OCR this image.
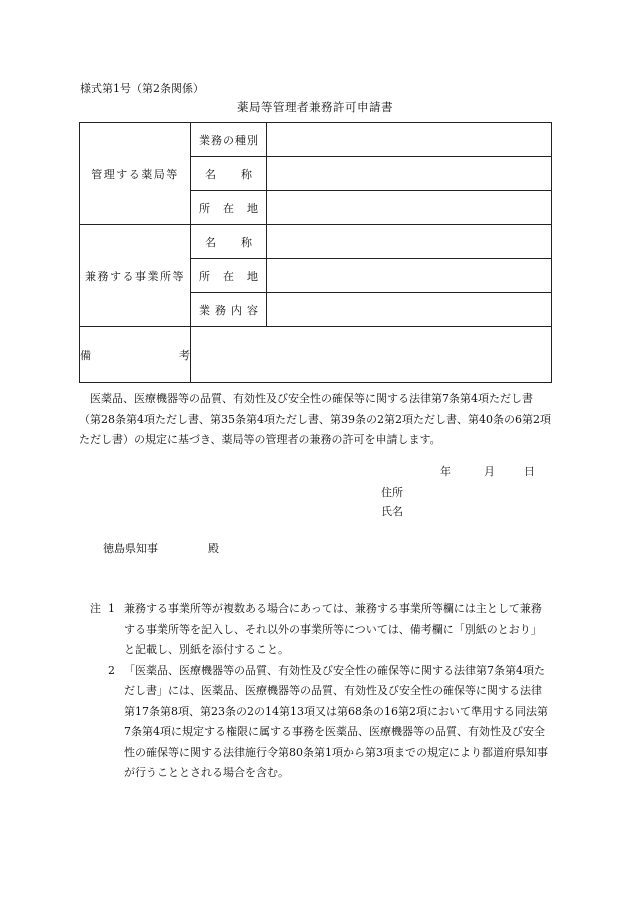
様式第1号（第2条関係）
薬局等管理者兼務許可申請書
管理する薬局等	業 務 の 種 別	

	名 称	

	所 在 地	

兼務する事業所等	名 称	

	所 在 地	

	業 務 内 容	

備 考		

医薬品、医療機器等の品質、有効性及び安全性の確保等に関する法律第7条第4項ただし書（第28条第4項ただし書、第35条第4項ただし書、第39条の2第2項ただし書、第40条の6第2項ただし書）の規定に基づき、薬局等の管理者の兼務の許可を申請します。
年	月	日
住所
氏名
徳島県知事	殿
注 1 兼務する事業所等が複数ある場合にあっては、兼務する事業所等欄には主として兼務する事業所等を記入し、それ以外の事業所等については、備考欄に「別紙のとおり」と記載し、別紙を添付すること。
2 「医薬品、医療機器等の品質、有効性及び安全性の確保等に関する法律第7条第4項ただし書」には、医薬品、医療機器等の品質、有効性及び安全性の確保等に関する法律第17条第8項、第23条の2の14第13項又は第68条の16第2項において準用する同法第7条第4項に規定する権限に属する事務を医薬品、医療機器等の品質、有効性及び安全性の確保等に関する法律施行令第80条第1項から第3項までの規定により都道府県知事が行うこととされる場合を含む。
